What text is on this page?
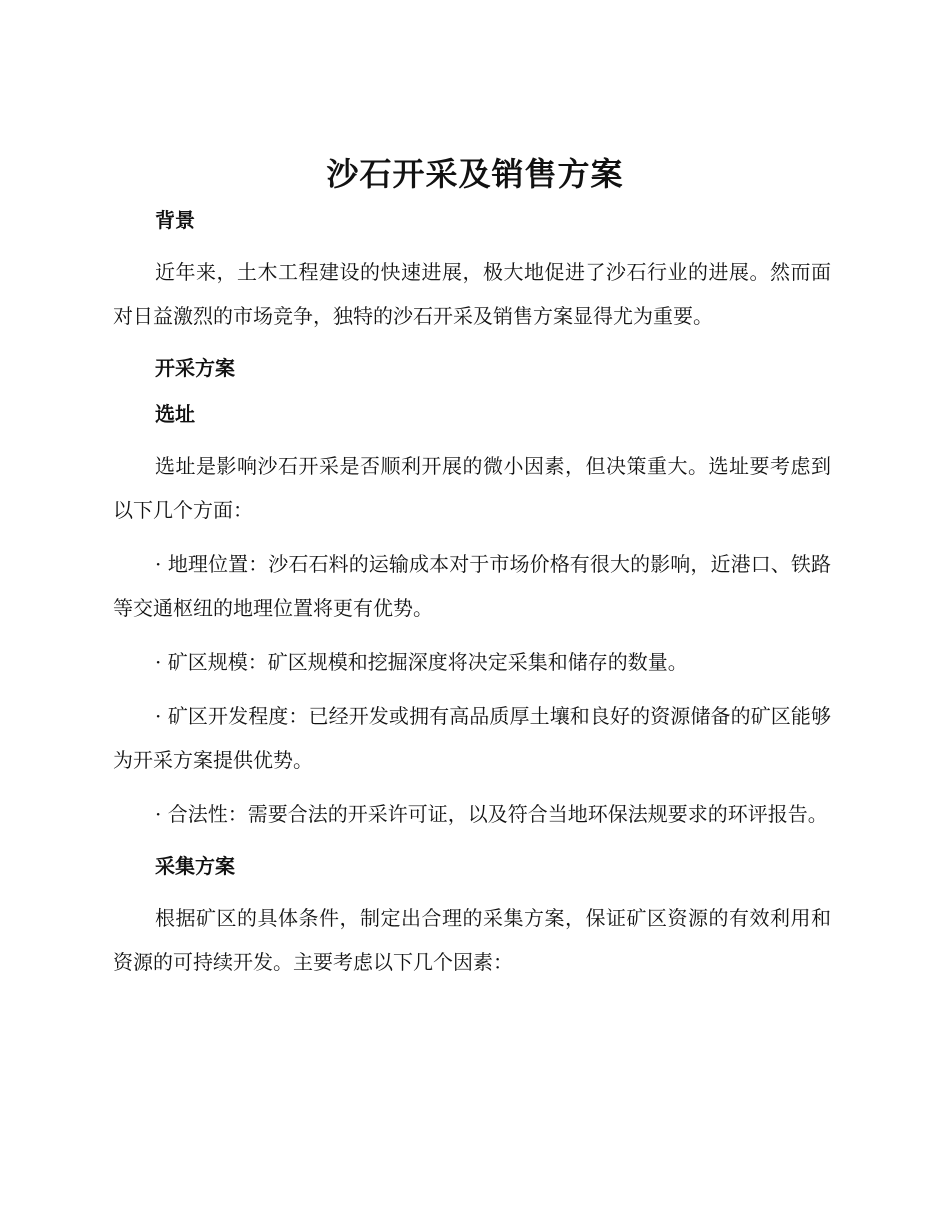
沙石开采及销售方案

背景

近年来，土木工程建设的快速进展，极大地促进了沙石行业的进展。然而面对日益激烈的市场竞争，独特的沙石开采及销售方案显得尤为重要。

开采方案

选址

选址是影响沙石开采是否顺利开展的微小因素，但决策重大。选址要考虑到以下几个方面：

· 地理位置：沙石石料的运输成本对于市场价格有很大的影响，近港口、铁路等交通枢纽的地理位置将更有优势。

· 矿区规模：矿区规模和挖掘深度将决定采集和储存的数量。

· 矿区开发程度：已经开发或拥有高品质厚土壤和良好的资源储备的矿区能够为开采方案提供优势。

· 合法性：需要合法的开采许可证，以及符合当地环保法规要求的环评报告。

采集方案

根据矿区的具体条件，制定出合理的采集方案，保证矿区资源的有效利用和资源的可持续开发。主要考虑以下几个因素：
